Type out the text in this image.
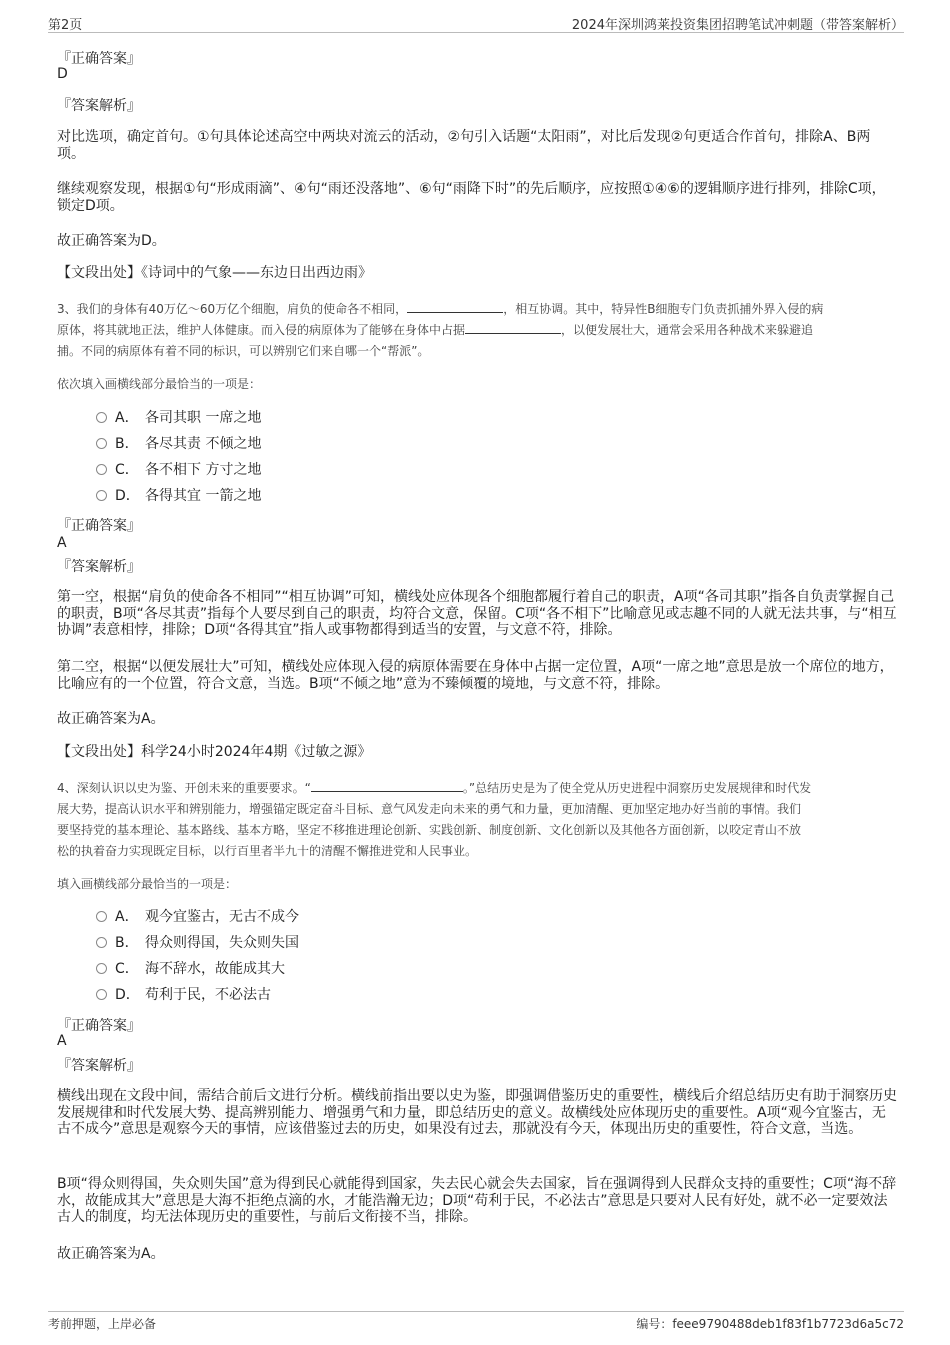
第2页	2024年深圳鸿莱投资集团招聘笔试冲刺题（带答案解析）
『正确答案』
D
『答案解析』
对比选项，确定首句。①句具体论述高空中两块对流云的活动，②句引入话题“太阳雨”，对比后发现②句更适合作首句，排除A、B两项。
继续观察发现，根据①句“形成雨滴”、④句“雨还没落地”、⑥句“雨降下时”的先后顺序，应按照①④⑥的逻辑顺序进行排列，排除C项，锁定D项。
故正确答案为D。
【文段出处】《诗词中的气象——东边日出西边雨》
3、我们的身体有40万亿～60万亿个细胞，肩负的使命各不相同，	，相互协调。其中，特异性B细胞专门负责抓捕外界入侵的病
原体，将其就地正法，维护人体健康。而入侵的病原体为了能够在身体中占据	，以便发展壮大，通常会采用各种战术来躲避追
捕。不同的病原体有着不同的标识，可以辨别它们来自哪一个“帮派”。
依次填入画横线部分最恰当的一项是：
A． 各司其职 一席之地
B． 各尽其责 不倾之地
C． 各不相下 方寸之地
D． 各得其宜 一箭之地
『正确答案』
A
『答案解析』
第一空，根据“肩负的使命各不相同”“相互协调”可知，横线处应体现各个细胞都履行着自己的职责，A项“各司其职”指各自负责掌握自己的职责，B项“各尽其责”指每个人要尽到自己的职责，均符合文意，保留。C项“各不相下”比喻意见或志趣不同的人就无法共事，与“相互协调”表意相悖，排除；D项“各得其宜”指人或事物都得到适当的安置，与文意不符，排除。
第二空，根据“以便发展壮大”可知，横线处应体现入侵的病原体需要在身体中占据一定位置，A项“一席之地”意思是放一个席位的地方，比喻应有的一个位置，符合文意，当选。B项“不倾之地”意为不臻倾覆的境地，与文意不符，排除。
故正确答案为A。
【文段出处】科学24小时2024年4期《过敏之源》
4、深刻认识以史为鉴、开创未来的重要要求。“	。”总结历史是为了使全党从历史进程中洞察历史发展规律和时代发
展大势，提高认识水平和辨别能力，增强锚定既定奋斗目标、意气风发走向未来的勇气和力量，更加清醒、更加坚定地办好当前的事情。我们
要坚持党的基本理论、基本路线、基本方略，坚定不移推进理论创新、实践创新、制度创新、文化创新以及其他各方面创新，以咬定青山不放
松的执着奋力实现既定目标，以行百里者半九十的清醒不懈推进党和人民事业。
填入画横线部分最恰当的一项是：
A． 观今宜鉴古，无古不成今
B． 得众则得国，失众则失国
C． 海不辞水，故能成其大
D． 苟利于民，不必法古
『正确答案』
A
『答案解析』
横线出现在文段中间，需结合前后文进行分析。横线前指出要以史为鉴，即强调借鉴历史的重要性，横线后介绍总结历史有助于洞察历史发展规律和时代发展大势、提高辨别能力、增强勇气和力量，即总结历史的意义。故横线处应体现历史的重要性。A项“观今宜鉴古，无古不成今”意思是观察今天的事情，应该借鉴过去的历史，如果没有过去，那就没有今天，体现出历史的重要性，符合文意，当选。
B项“得众则得国，失众则失国”意为得到民心就能得到国家，失去民心就会失去国家，旨在强调得到人民群众支持的重要性；C项“海不辞水，故能成其大”意思是大海不拒绝点滴的水，才能浩瀚无边；D项“苟利于民，不必法古”意思是只要对人民有好处，就不必一定要效法古人的制度，均无法体现历史的重要性，与前后文衔接不当，排除。
故正确答案为A。
考前押题，上岸必备	编号：feee9790488deb1f83f1b7723d6a5c72
